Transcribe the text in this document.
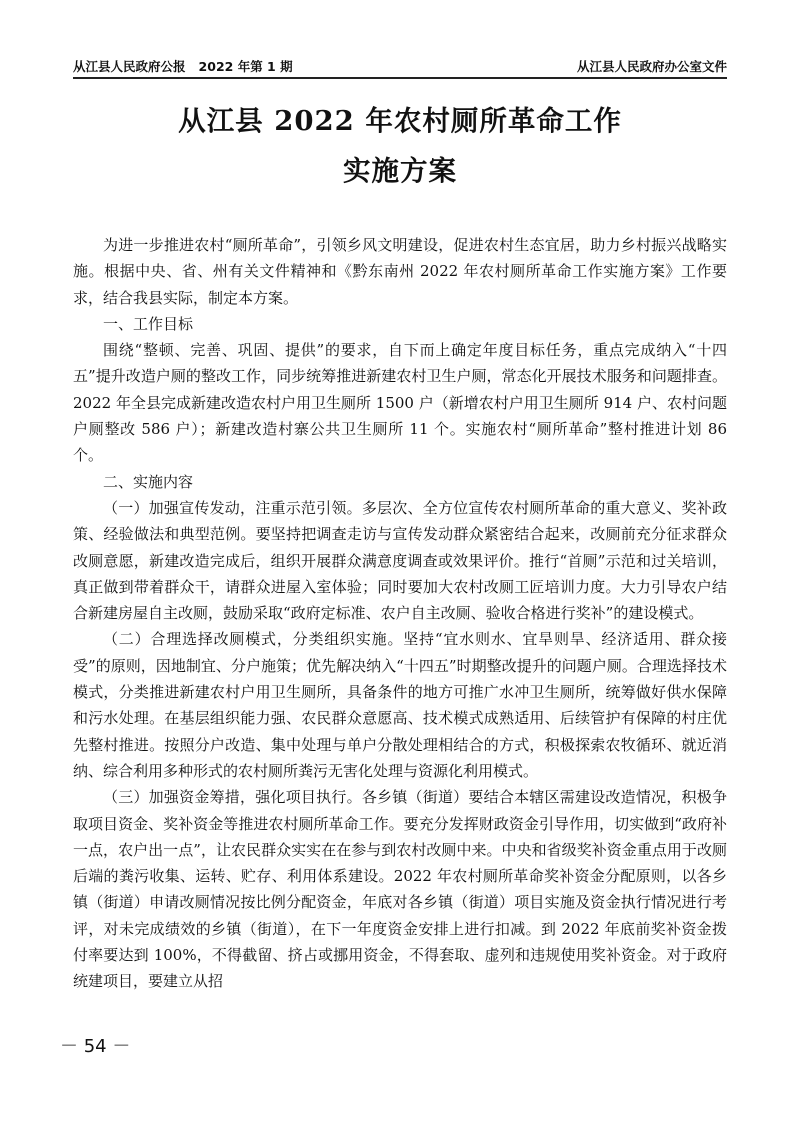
从江县人民政府公报   2022 年第 1 期	从江县人民政府办公室文件
从江县 2022 年农村厕所革命工作
实施方案

为进一步推进农村“厕所革命”，引领乡风文明建设，促进农村生态宜居，助力乡村振兴战略实施。根据中央、省、州有关文件精神和《黔东南州 2022 年农村厕所革命工作实施方案》工作要求，结合我县实际，制定本方案。

一、工作目标

围绕“整顿、完善、巩固、提供”的要求，自下而上确定年度目标任务，重点完成纳入“十四五”提升改造户厕的整改工作，同步统筹推进新建农村卫生户厕，常态化开展技术服务和问题排查。2022 年全县完成新建改造农村户用卫生厕所 1500 户（新增农村户用卫生厕所 914 户、农村问题户厕整改 586 户）；新建改造村寨公共卫生厕所 11 个。实施农村“厕所革命”整村推进计划 86 个。

二、实施内容

（一）加强宣传发动，注重示范引领。多层次、全方位宣传农村厕所革命的重大意义、奖补政策、经验做法和典型范例。要坚持把调查走访与宣传发动群众紧密结合起来，改厕前充分征求群众改厕意愿，新建改造完成后，组织开展群众满意度调查或效果评价。推行“首厕”示范和过关培训，真正做到带着群众干，请群众进屋入室体验；同时要加大农村改厕工匠培训力度。大力引导农户结合新建房屋自主改厕，鼓励采取“政府定标准、农户自主改厕、验收合格进行奖补”的建设模式。

（二）合理选择改厕模式，分类组织实施。坚持“宜水则水、宜旱则旱、经济适用、群众接受”的原则，因地制宜、分户施策；优先解决纳入“十四五”时期整改提升的问题户厕。合理选择技术模式，分类推进新建农村户用卫生厕所，具备条件的地方可推广水冲卫生厕所，统筹做好供水保障和污水处理。在基层组织能力强、农民群众意愿高、技术模式成熟适用、后续管护有保障的村庄优先整村推进。按照分户改造、集中处理与单户分散处理相结合的方式，积极探索农牧循环、就近消纳、综合利用多种形式的农村厕所粪污无害化处理与资源化利用模式。

（三）加强资金筹措，强化项目执行。各乡镇（街道）要结合本辖区需建设改造情况，积极争取项目资金、奖补资金等推进农村厕所革命工作。要充分发挥财政资金引导作用，切实做到“政府补一点，农户出一点”，让农民群众实实在在参与到农村改厕中来。中央和省级奖补资金重点用于改厕后端的粪污收集、运转、贮存、利用体系建设。2022 年农村厕所革命奖补资金分配原则，以各乡镇（街道）申请改厕情况按比例分配资金，年底对各乡镇（街道）项目实施及资金执行情况进行考评，对未完成绩效的乡镇（街道），在下一年度资金安排上进行扣减。到 2022 年底前奖补资金拨付率要达到 100%，不得截留、挤占或挪用资金，不得套取、虚列和违规使用奖补资金。对于政府统建项目，要建立从招

－ 54 －
